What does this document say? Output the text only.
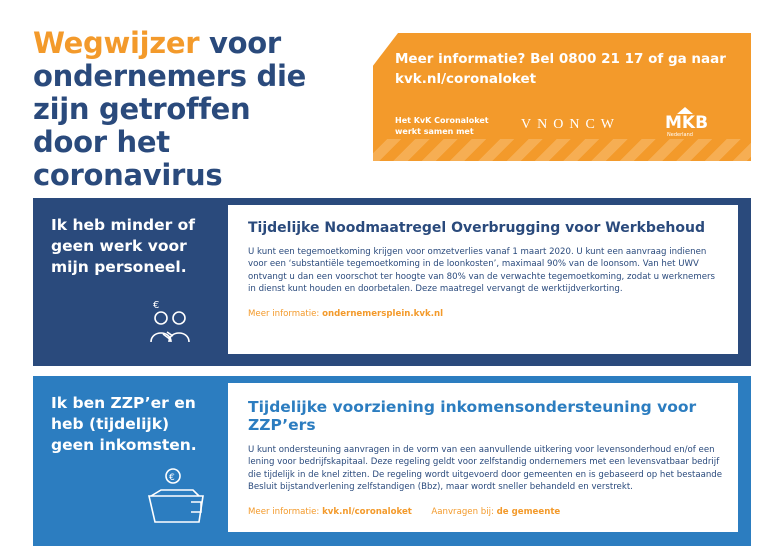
Wegwijzer voor ondernemers die zijn getroffen door het coronavirus
Meer informatie? Bel 0800 21 17 of ga naar
kvk.nl/coronaloket
Het KvK Coronaloket werkt samen met	VNONCW	MKB
Nederland
Ik heb minder of geen werk voor mijn personeel.
€
Tijdelijke Noodmaatregel Overbrugging voor Werkbehoud

U kunt een tegemoetkoming krijgen voor omzetverlies vanaf 1 maart 2020. U kunt een aanvraag indienen voor een ‘substantiële tegemoetkoming in de loonkosten’, maximaal 90% van de loonsom. Van het UWV ontvangt u dan een voorschot ter hoogte van 80% van de verwachte tegemoetkoming, zodat u werknemers in dienst kunt houden en doorbetalen. Deze maatregel vervangt de werktijdverkorting.

Meer informatie: ondernemersplein.kvk.nl
Ik ben ZZP’er en heb (tijdelijk) geen inkomsten.
€
Tijdelijke voorziening inkomensondersteuning voor ZZP’ers

U kunt ondersteuning aanvragen in de vorm van een aanvullende uitkering voor levensonderhoud en/of een lening voor bedrijfskapitaal. Deze regeling geldt voor zelfstandig ondernemers met een levensvatbaar bedrijf die tijdelijk in de knel zitten. De regeling wordt uitgevoerd door gemeenten en is gebaseerd op het bestaande Besluit bijstandverlening zelfstandigen (Bbz), maar wordt sneller behandeld en verstrekt.

Meer informatie: kvk.nl/coronaloket Aanvragen bij: de gemeente
